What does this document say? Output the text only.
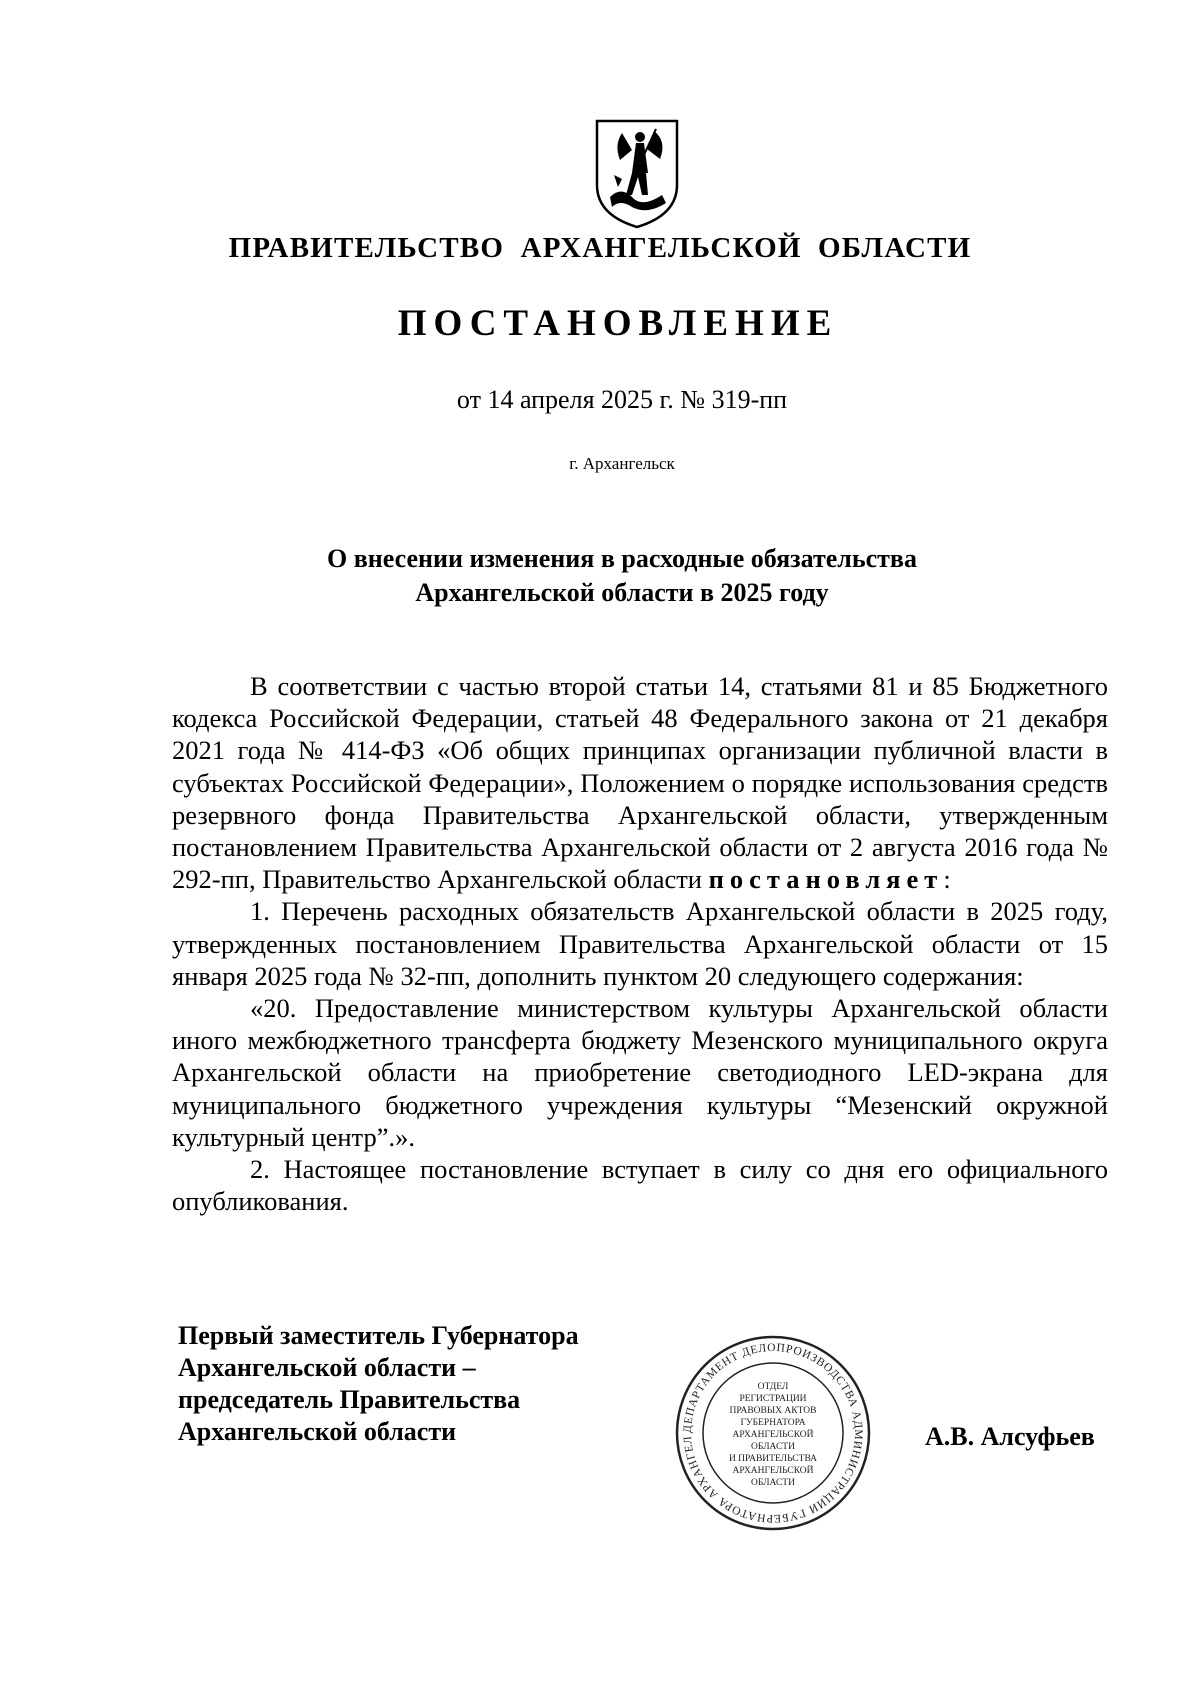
ПРАВИТЕЛЬСТВО АРХАНГЕЛЬСКОЙ ОБЛАСТИ
ПОСТАНОВЛЕНИЕ
от 14 апреля 2025 г. № 319-пп
г. Архангельск
О внесении изменения в расходные обязательства
Архангельской области в 2025 году

В соответствии с частью второй статьи 14, статьями 81 и 85 Бюджетного кодекса Российской Федерации, статьей 48 Федерального закона от 21 декабря 2021 года № 414-ФЗ «Об общих принципах организации публичной власти в субъектах Российской Федерации», Положением о порядке использования средств резервного фонда Правительства Архангельской области, утвержденным постановлением Правительства Архангельской области от 2 августа 2016 года № 292-пп, Правительство Архангельской области постановляет:

1. Перечень расходных обязательств Архангельской области в 2025 году, утвержденных постановлением Правительства Архангельской области от 15 января 2025 года № 32-пп, дополнить пунктом 20 следующего содержания:

«20. Предоставление министерством культуры Архангельской области иного межбюджетного трансферта бюджету Мезенского муниципального округа Архангельской области на приобретение светодиодного LED-экрана для муниципального бюджетного учреждения культуры “Мезенский окружной культурный центр”.».

2. Настоящее постановление вступает в силу со дня его официального опубликования.

Первый заместитель Губернатора
Архангельской области –
председатель Правительства
Архангельской области	ДЕПАРТАМЕНТ ДЕЛОПРОИЗВОДСТВА АДМИНИСТРАЦИИ ГУБЕРНАТОРА АРХАНГЕЛ
ОТДЕЛ
РЕГИСТРАЦИИ
ПРАВОВЫХ АКТОВ
ГУБЕРНАТОРА
АРХАНГЕЛЬСКОЙ
ОБЛАСТИ
И ПРАВИТЕЛЬСТВА
АРХАНГЕЛЬСКОЙ
ОБЛАСТИ
А.В. Алсуфьев
